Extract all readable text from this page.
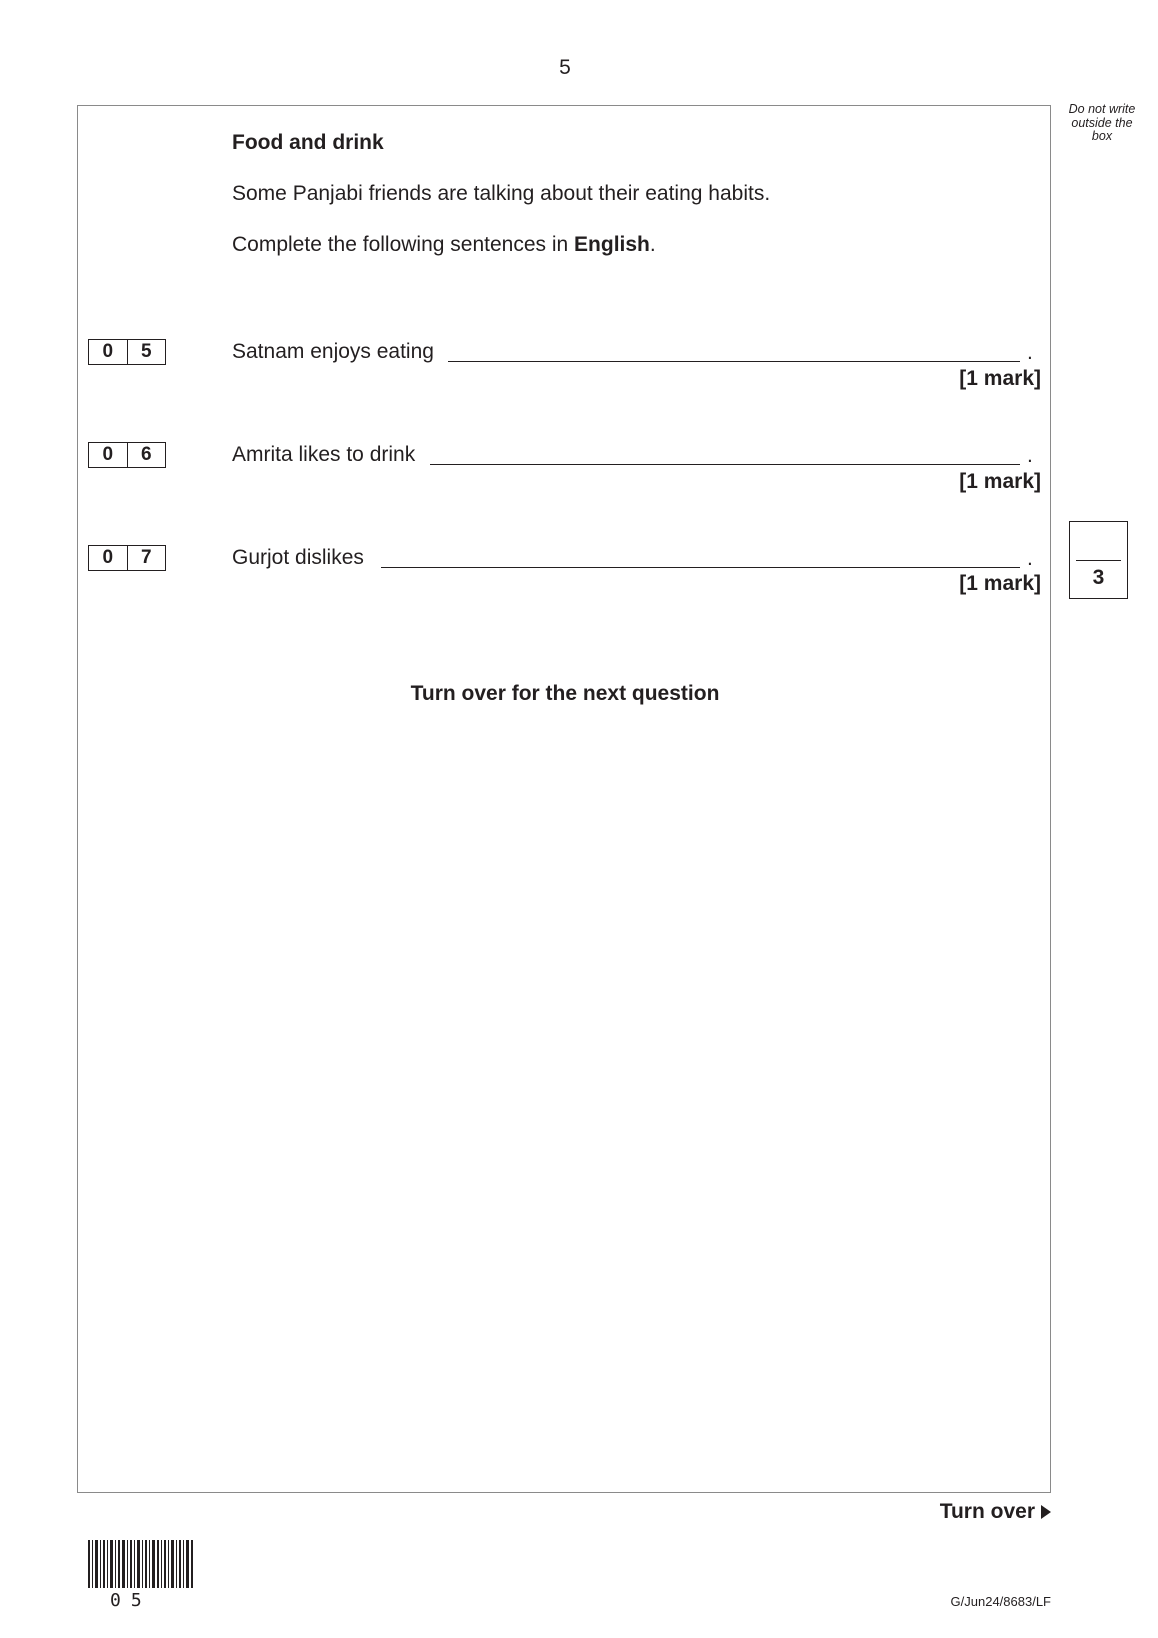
5
Do not write outside the box
Food and drink
Some Panjabi friends are talking about their eating habits.
Complete the following sentences in English.
0	5	Satnam enjoys eating	.
[1 mark]
0	6	Amrita likes to drink	.
[1 mark]
0	7	Gurjot dislikes	.
[1 mark]	3
Turn over for the next question
Turn over
05	G/Jun24/8683/LF
